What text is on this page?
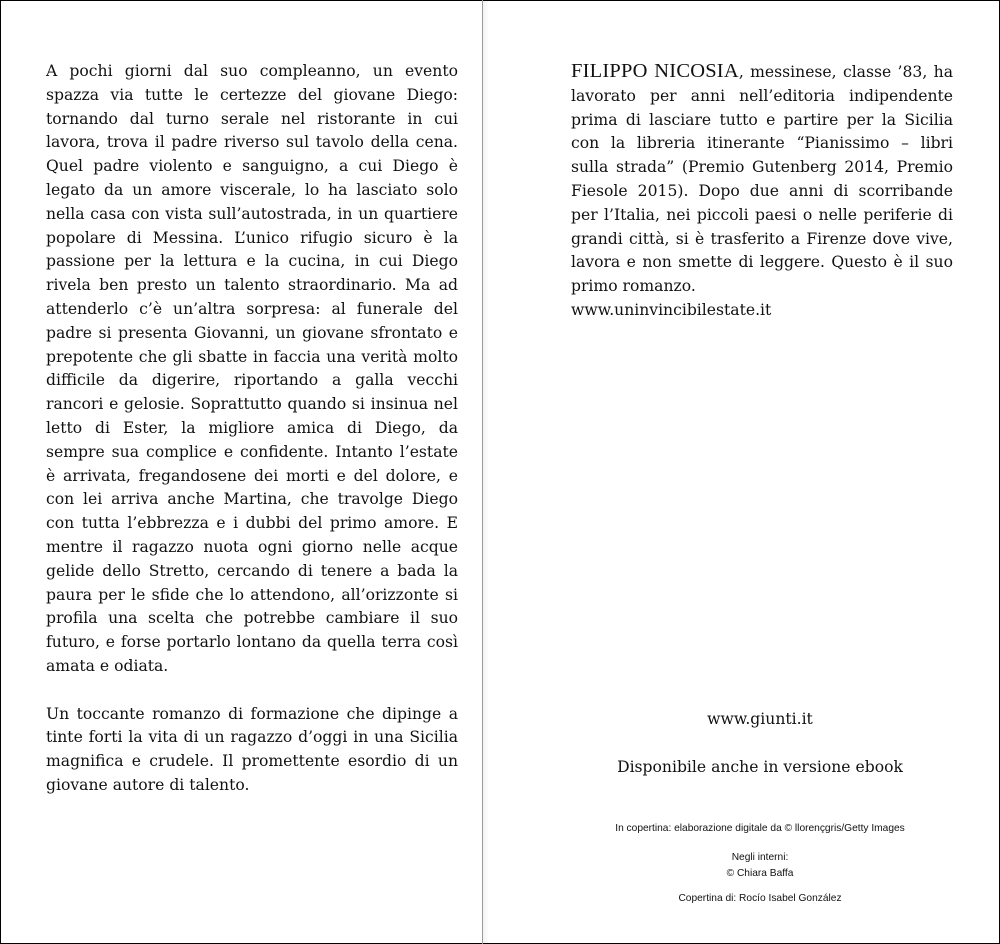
A pochi giorni dal suo compleanno, un evento spazza via tutte le certezze del giovane Diego: tornando dal turno serale nel ristorante in cui lavora, trova il padre riverso sul tavolo della cena. Quel padre violento e sanguigno, a cui Diego è legato da un amore viscerale, lo ha lasciato solo nella casa con vista sull’autostrada, in un quartiere popolare di Messina. L’unico rifugio sicuro è la passione per la lettura e la cucina, in cui Diego rivela ben presto un talento straordinario. Ma ad attenderlo c’è un’altra sorpresa: al funerale del padre si presenta Giovanni, un giovane sfrontato e prepotente che gli sbatte in faccia una verità molto difficile da digerire, riportando a galla vecchi rancori e gelosie. Soprattutto quando si insinua nel letto di Ester, la migliore amica di Diego, da sempre sua complice e confidente. Intanto l’estate è arrivata, fregandosene dei morti e del dolore, e con lei arriva anche Martina, che travolge Diego con tutta l’ebbrezza e i dubbi del primo amore. E mentre il ragazzo nuota ogni giorno nelle acque gelide dello Stretto, cercando di tenere a bada la paura per le sfide che lo attendono, all’orizzonte si profila una scelta che potrebbe cambiare il suo futuro, e forse portarlo lontano da quella terra così amata e odiata.

Un toccante romanzo di formazione che dipinge a tinte forti la vita di un ragazzo d’oggi in una Sicilia magnifica e crudele. Il promettente esordio di un giovane autore di talento.

FILIPPO NICOSIA, messinese, classe ’83, ha lavorato per anni nell’editoria indipendente prima di lasciare tutto e partire per la Sicilia con la libreria itinerante “Pianissimo – libri sulla strada” (Premio Gutenberg 2014, Premio Fiesole 2015). Dopo due anni di scorribande per l’Italia, nei piccoli paesi o nelle periferie di grandi città, si è trasferito a Firenze dove vive, lavora e non smette di leggere. Questo è il suo primo romanzo.

www.uninvincibilestate.it

www.giunti.it
Disponibile anche in versione ebook
In copertina: elaborazione digitale da © llorençgris/Getty Images
Negli interni:
© Chiara Baffa
Copertina di: Rocío Isabel González
